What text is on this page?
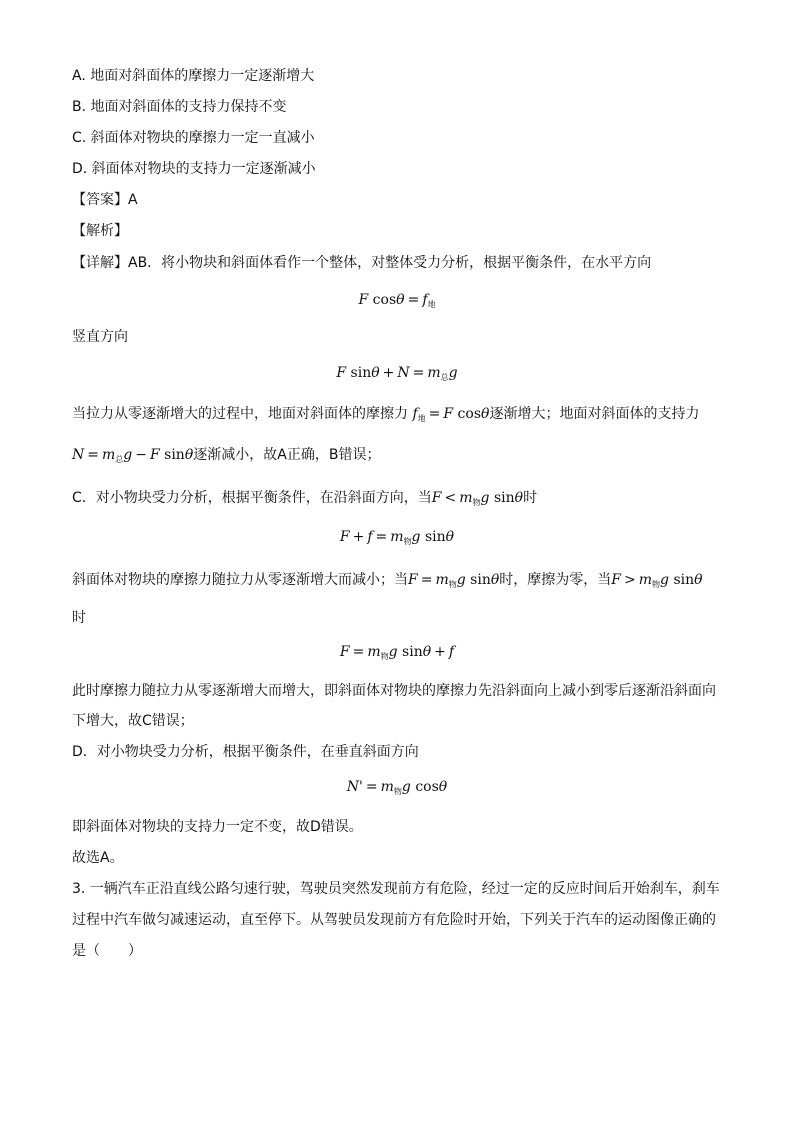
A. 地面对斜面体的摩擦力一定逐渐增大
B. 地面对斜面体的支持力保持不变
C. 斜面体对物块的摩擦力一定一直减小
D. 斜面体对物块的支持力一定逐渐减小
【答案】A
【解析】
【详解】AB．将小物块和斜面体看作一个整体，对整体受力分析，根据平衡条件，在水平方向
F $\cos\theta = f_地$
竖直方向
F $\sin\theta + N = m_总g$
当拉力从零逐渐增大的过程中，地面对斜面体的摩擦力 $f_地 = F$ cosθ逐渐增大；地面对斜面体的支持力
$N = m_总g - F$ sinθ逐渐减小，故A正确，B错误；
C．对小物块受力分析，根据平衡条件，在沿斜面方向，当$F < m_物g$ sinθ时
$F + f = m_物g$ sinθ
斜面体对物块的摩擦力随拉力从零逐渐增大而减小；当$F = m_物g$ sinθ时，摩擦为零，当$F > m_物g$ sinθ
时
$F = m_物g$ sinθ + f
此时摩擦力随拉力从零逐渐增大而增大，即斜面体对物块的摩擦力先沿斜面向上减小到零后逐渐沿斜面向
下增大，故C错误；
D．对小物块受力分析，根据平衡条件，在垂直斜面方向
$N' = m_物g$ cosθ
即斜面体对物块的支持力一定不变，故D错误。
故选A。
3. 一辆汽车正沿直线公路匀速行驶，驾驶员突然发现前方有危险，经过一定的反应时间后开始刹车，刹车
过程中汽车做匀减速运动，直至停下。从驾驶员发现前方有危险时开始，下列关于汽车的运动图像正确的
是（　　）
